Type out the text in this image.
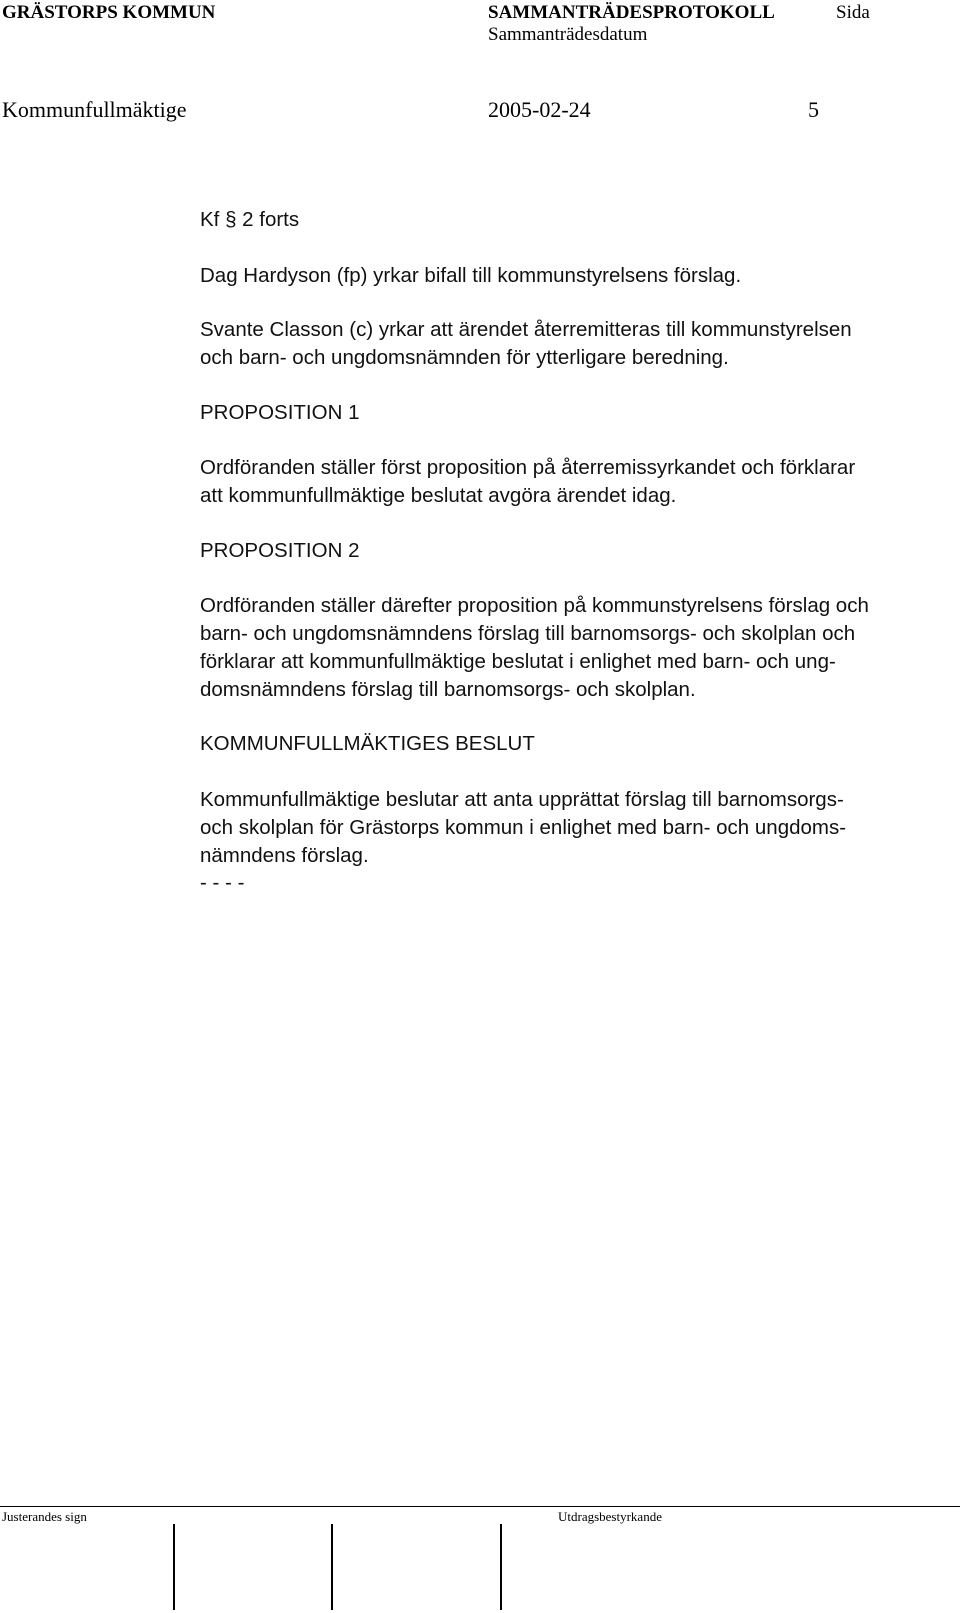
GRÄSTORPS KOMMUN	SAMMANTRÄDESPROTOKOLL	Sida
Sammanträdesdatum
Kommunfullmäktige	2005-02-24	5

Kf § 2 forts

Dag Hardyson (fp) yrkar bifall till kommunstyrelsens förslag.

Svante Classon (c) yrkar att ärendet återremitteras till kommunstyrelsen
och barn- och ungdomsnämnden för ytterligare beredning.

PROPOSITION 1

Ordföranden ställer först proposition på återremissyrkandet och förklarar
att kommunfullmäktige beslutat avgöra ärendet idag.

PROPOSITION 2

Ordföranden ställer därefter proposition på kommunstyrelsens förslag och
barn- och ungdomsnämndens förslag till barnomsorgs- och skolplan och
förklarar att kommunfullmäktige beslutat i enlighet med barn- och ung-
domsnämndens förslag till barnomsorgs- och skolplan.

KOMMUNFULLMÄKTIGES BESLUT

Kommunfullmäktige beslutar att anta upprättat förslag till barnomsorgs-
och skolplan för Grästorps kommun i enlighet med barn- och ungdoms-
nämndens förslag.

- - - -

Justerandes sign	Utdragsbestyrkande
